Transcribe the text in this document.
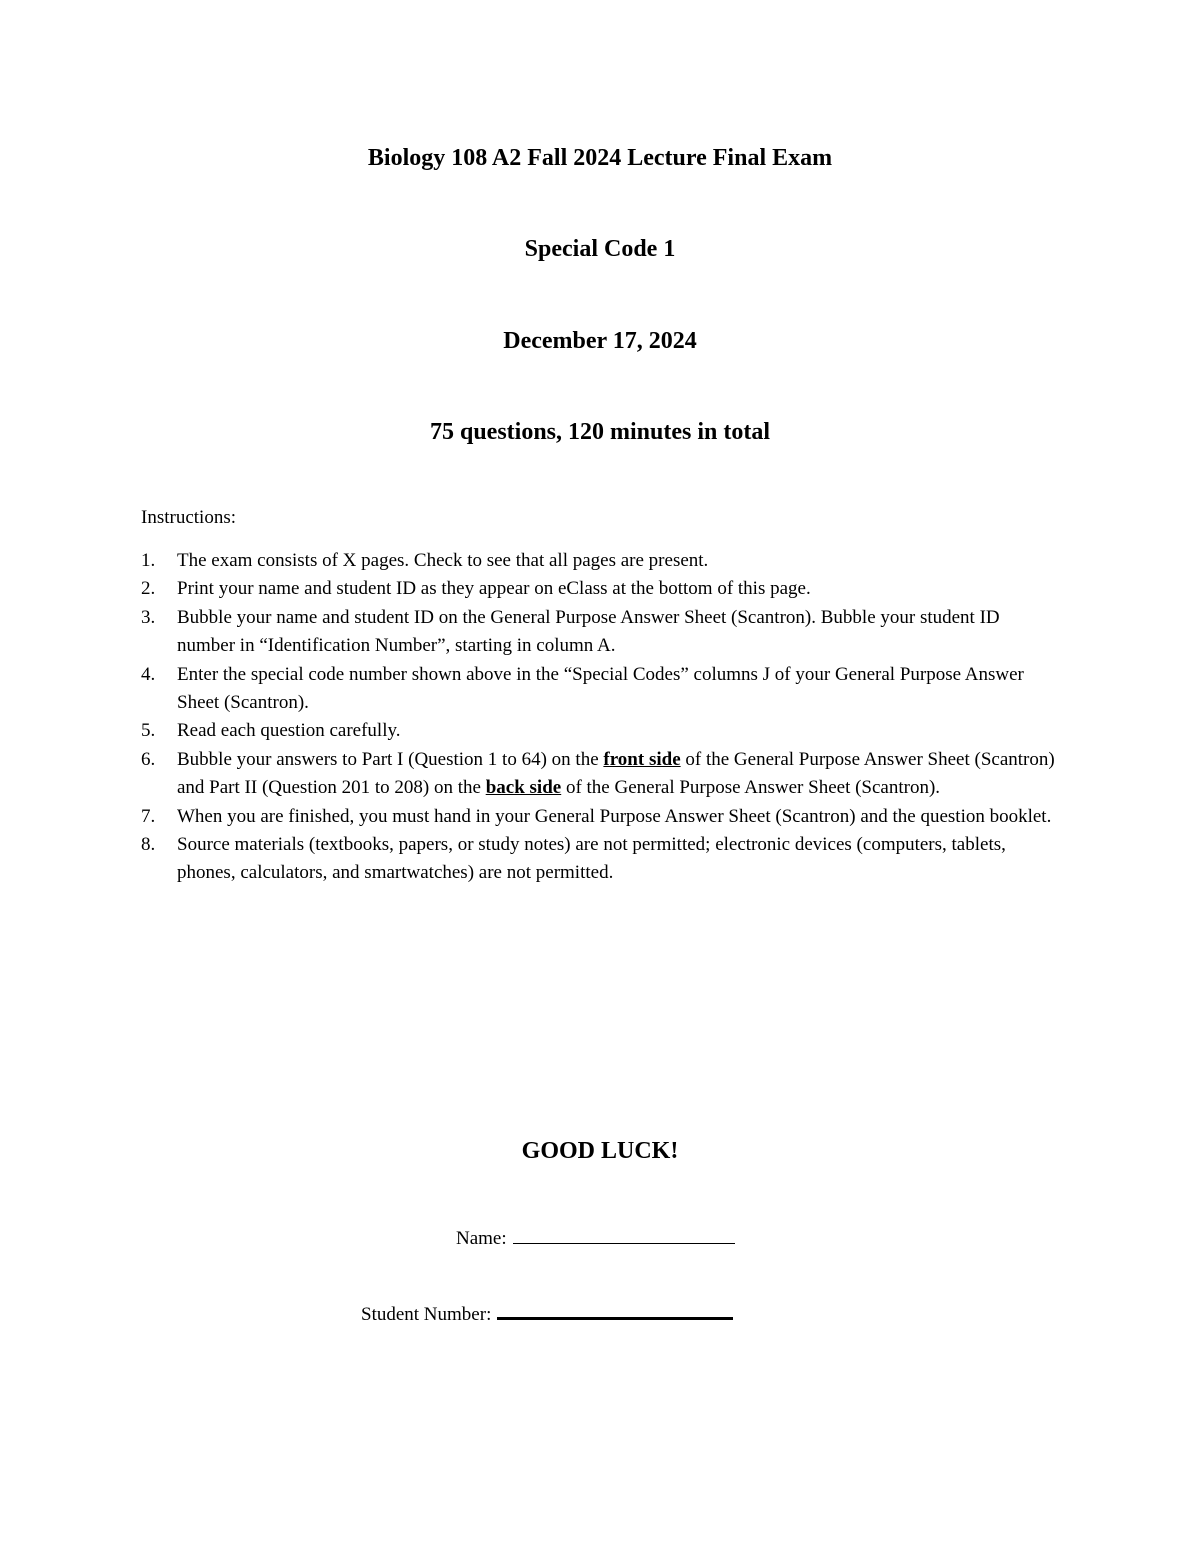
Biology 108 A2 Fall 2024 Lecture Final Exam
Special Code 1
December 17, 2024
75 questions, 120 minutes in total
Instructions:
1. The exam consists of X pages. Check to see that all pages are present.
2. Print your name and student ID as they appear on eClass at the bottom of this page.
3. Bubble your name and student ID on the General Purpose Answer Sheet (Scantron). Bubble your student ID number in “Identification Number”, starting in column A.
4. Enter the special code number shown above in the “Special Codes” columns J of your General Purpose Answer Sheet (Scantron).
5. Read each question carefully.
6. Bubble your answers to Part I (Question 1 to 64) on the front side of the General Purpose Answer Sheet (Scantron) and Part II (Question 201 to 208) on the back side of the General Purpose Answer Sheet (Scantron).
7. When you are finished, you must hand in your General Purpose Answer Sheet (Scantron) and the question booklet.
8. Source materials (textbooks, papers, or study notes) are not permitted; electronic devices (computers, tablets, phones, calculators, and smartwatches) are not permitted.
GOOD LUCK!
Name:
Student Number:
